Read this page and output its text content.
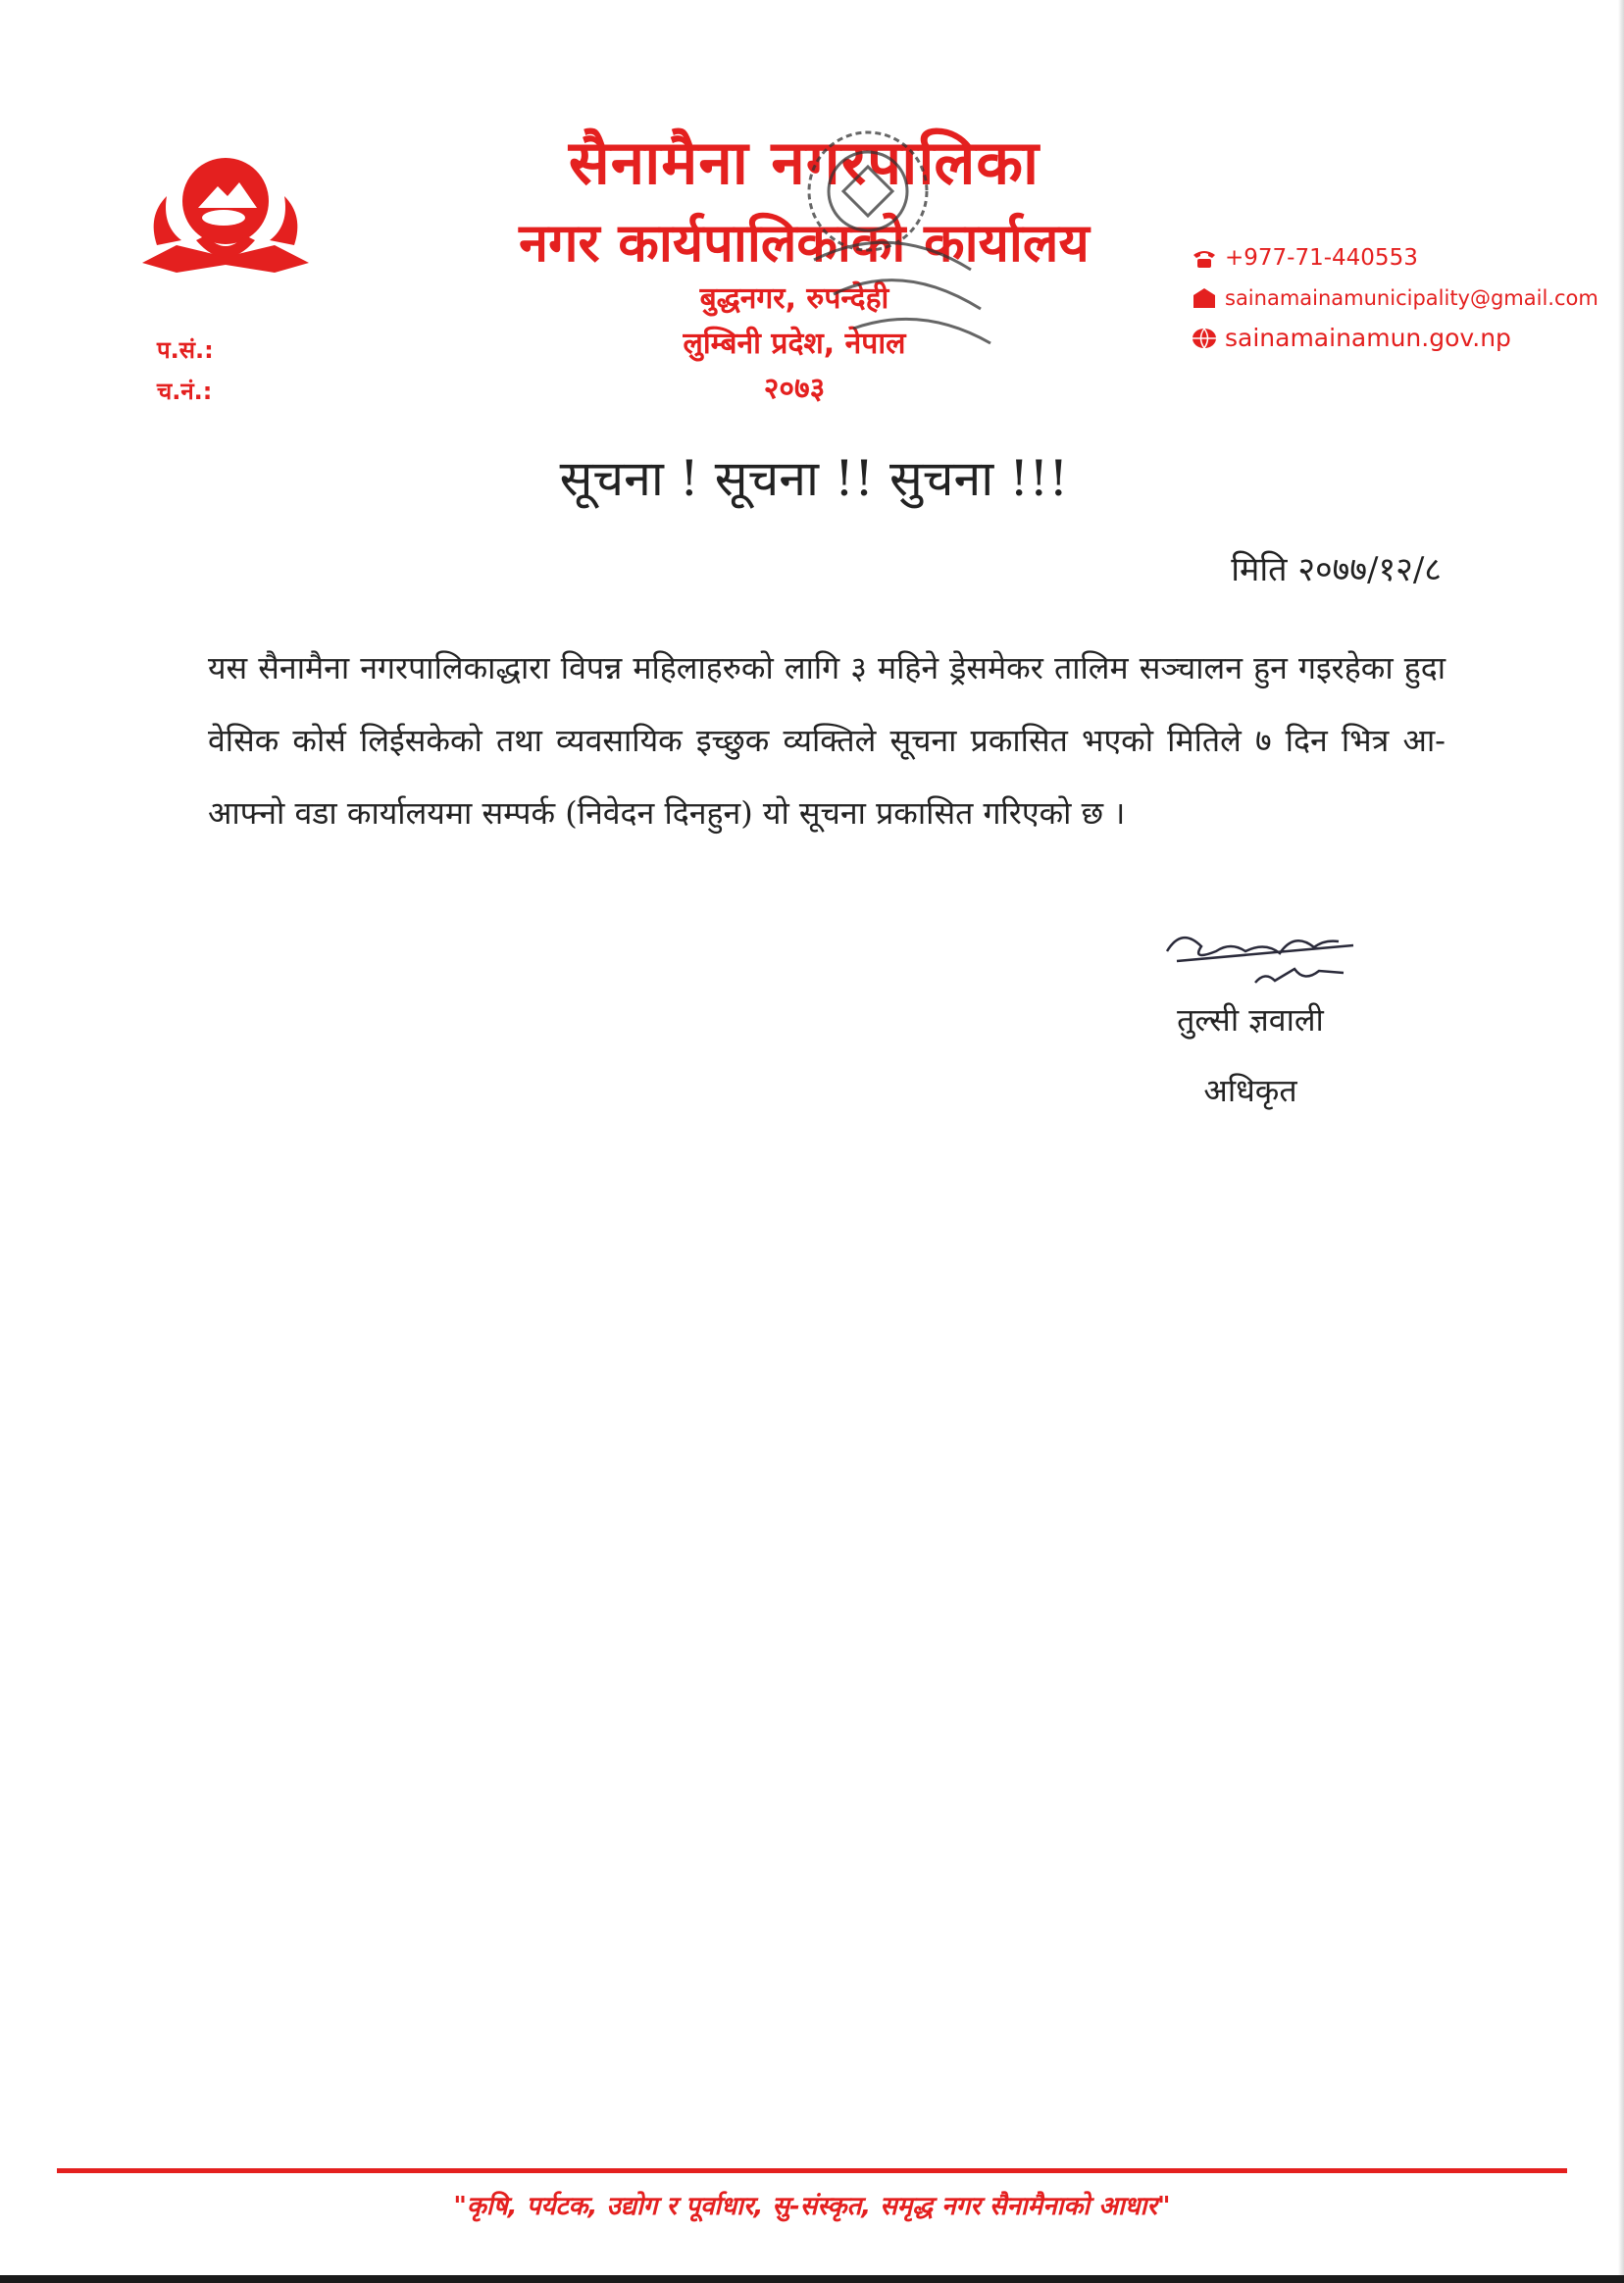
सैनामैना नगरपालिका
नगर कार्यपालिकाको कार्यालय
बुद्धनगर, रुपन्देही
लुम्बिनी प्रदेश, नेपाल
२०७३
+977-71-440553
sainamainamunicipality@gmail.com
sainamainamun.gov.np
प.सं.:
च.नं.:
सूचना ! सूचना !! सुचना !!!
मिति २०७७/१२/८
यस सैनामैना नगरपालिकाद्धारा विपन्न महिलाहरुको लागि ३ महिने ड्रेसमेकर तालिम सञ्चालन हुन गइरहेका हुदा वेसिक कोर्स लिईसकेको तथा व्यवसायिक इच्छुक व्यक्तिले सूचना प्रकासित भएको मितिले ७ दिन भित्र आ-आफ्नो वडा कार्यालयमा सम्पर्क (निवेदन दिनहुन) यो सूचना प्रकासित गरिएको छ ।
तुल्सी ज्ञवाली
अधिकृत
"कृषि, पर्यटक, उद्योग र पूर्वाधार, सु-संस्कृत, समृद्ध नगर सैनामैनाको आधार"
